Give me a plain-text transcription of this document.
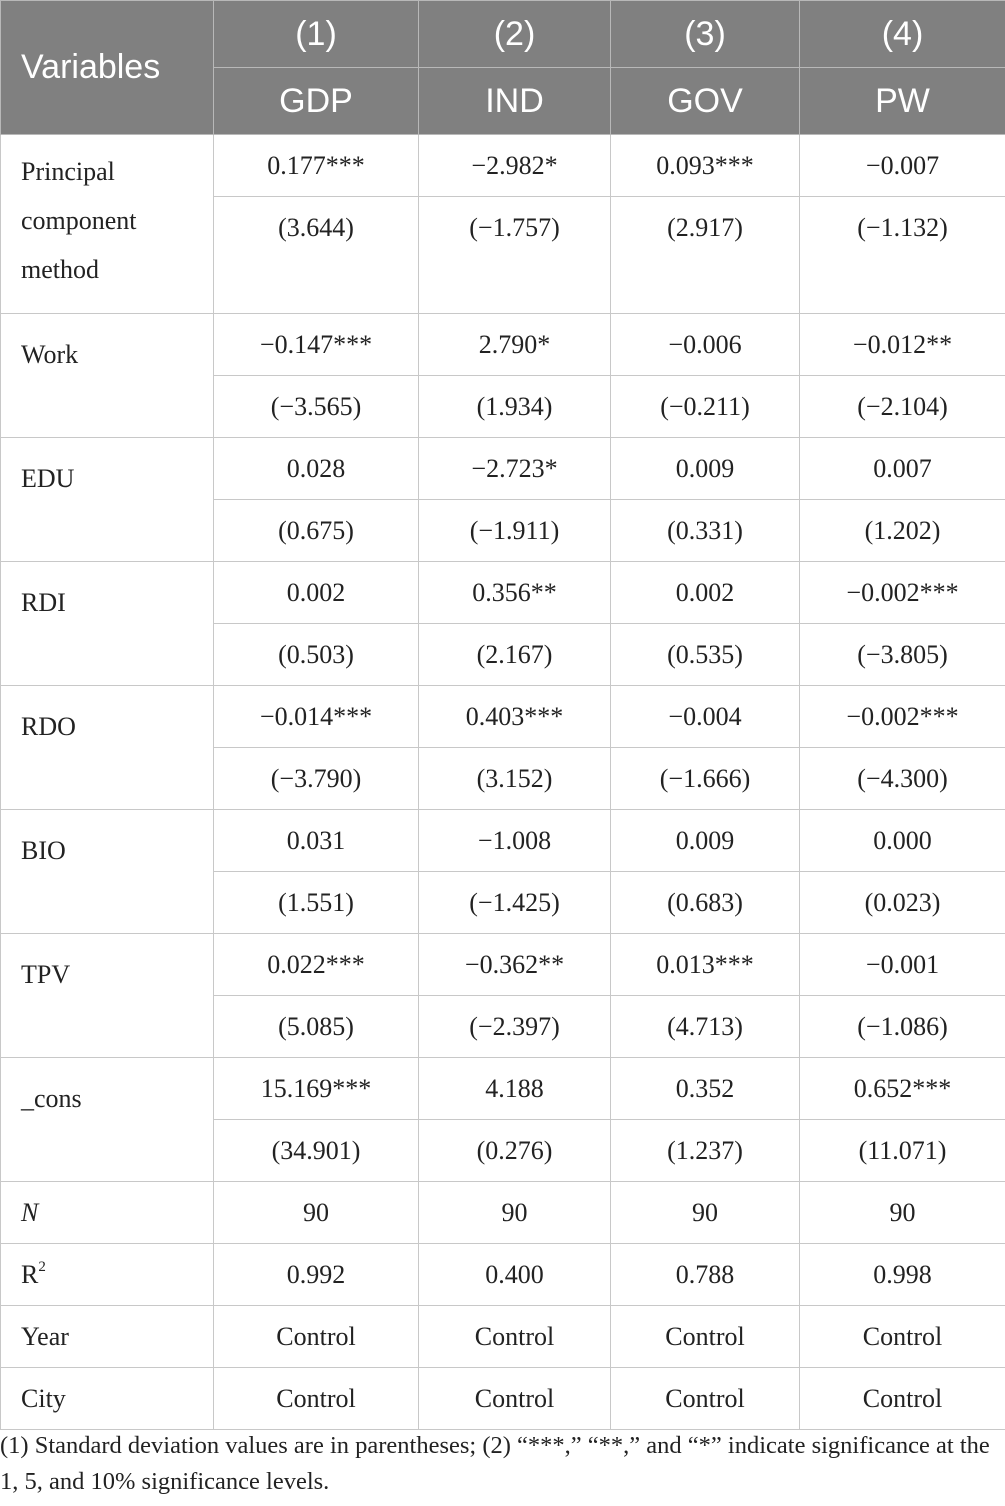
Variables	(1)	(2)	(3)	(4)
	GDP	IND	GOV	PW
Principal component method	0.177***	−2.982*	0.093***	−0.007
	(3.644)	(−1.757)	(2.917)	(−1.132)
Work	−0.147***	2.790*	−0.006	−0.012**
	(−3.565)	(1.934)	(−0.211)	(−2.104)
EDU	0.028	−2.723*	0.009	0.007
	(0.675)	(−1.911)	(0.331)	(1.202)
RDI	0.002	0.356**	0.002	−0.002***
	(0.503)	(2.167)	(0.535)	(−3.805)
RDO	−0.014***	0.403***	−0.004	−0.002***
	(−3.790)	(3.152)	(−1.666)	(−4.300)
BIO	0.031	−1.008	0.009	0.000
	(1.551)	(−1.425)	(0.683)	(0.023)
TPV	0.022***	−0.362**	0.013***	−0.001
	(5.085)	(−2.397)	(4.713)	(−1.086)
_cons	15.169***	4.188	0.352	0.652***
	(34.901)	(0.276)	(1.237)	(11.071)
N	90	90	90	90
$R^2$	0.992	0.400	0.788	0.998
Year	Control	Control	Control	Control
City	Control	Control	Control	Control
(1) Standard deviation values are in parentheses; (2) “***,” “**,” and “*” indicate significance at the 1, 5, and 10% significance levels.
